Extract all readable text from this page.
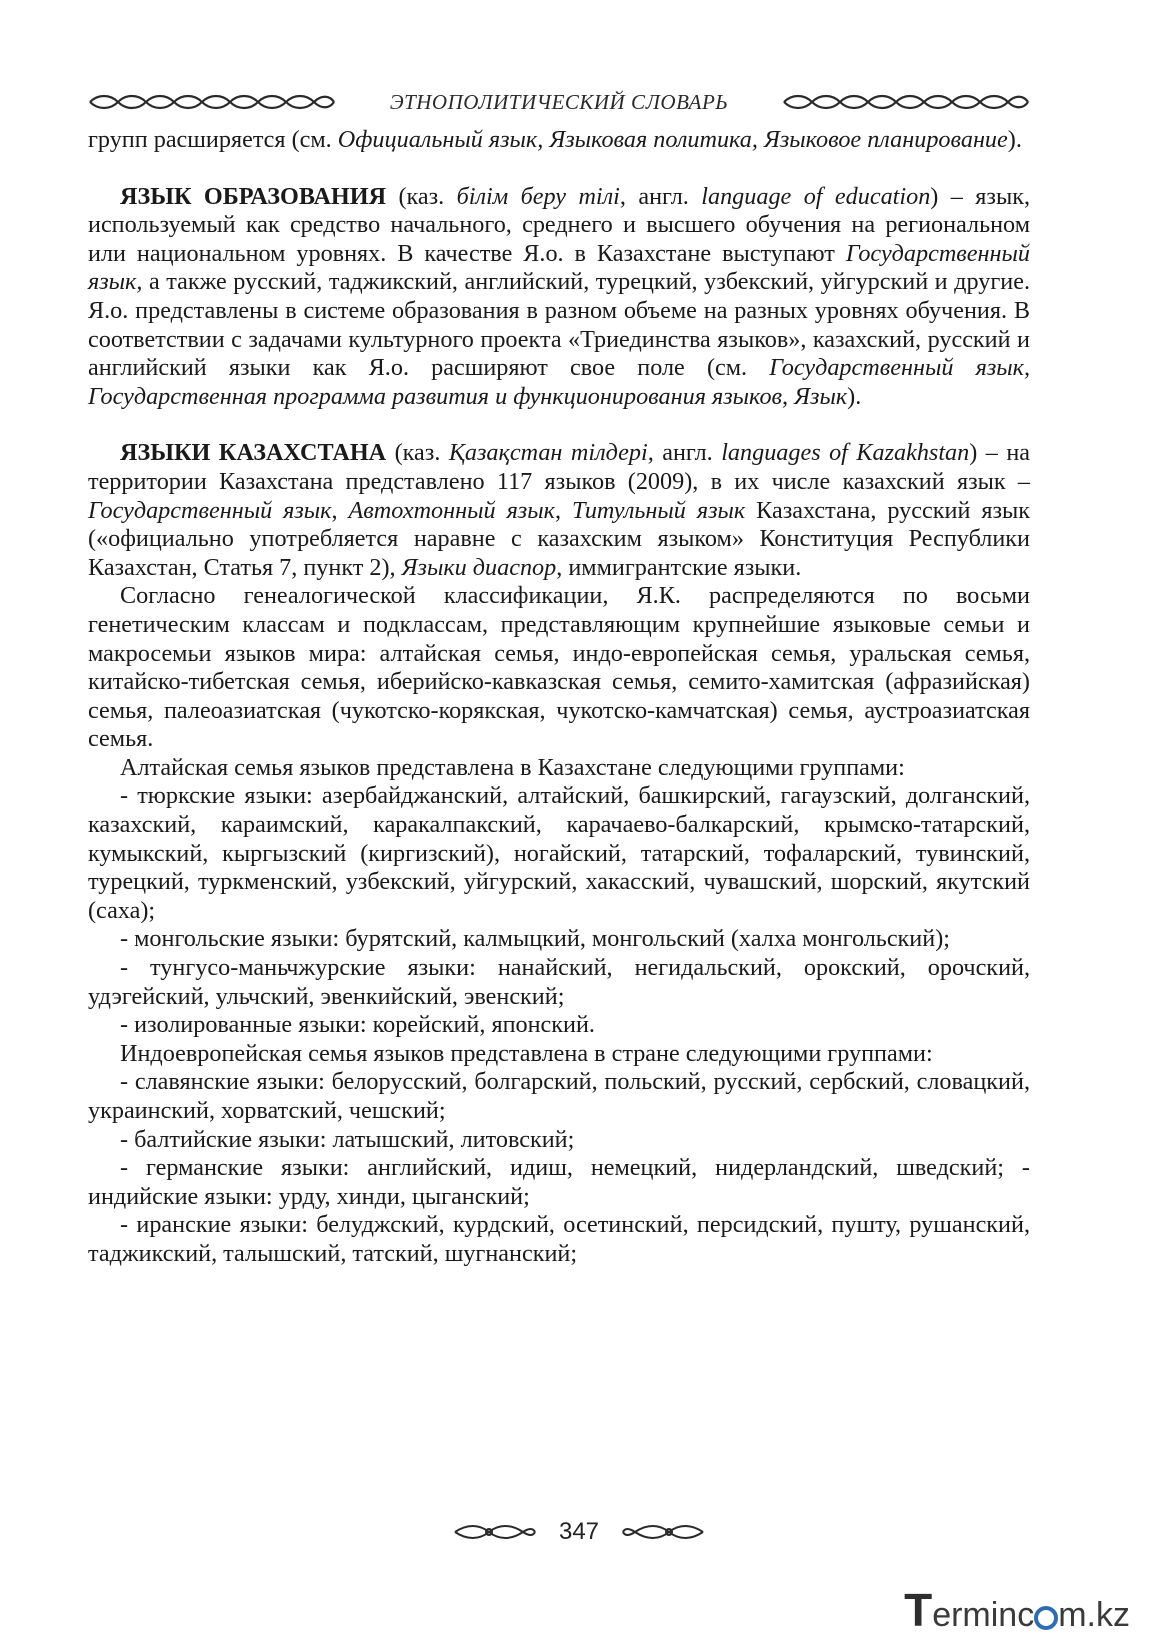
ЭТНОПОЛИТИЧЕСКИЙ СЛОВАРЬ

групп расширяется (см. Официальный язык, Языковая политика, Языковое планирование).

ЯЗЫК ОБРАЗОВАНИЯ (каз. білім беру тілі, англ. language of education) – язык, используемый как средство начального, среднего и высшего обучения на региональном или национальном уровнях. В качестве Я.о. в Казахстане выступают Государственный язык, а также русский, таджикский, английский, турецкий, узбекский, уйгурский и другие. Я.о. представлены в системе образования в разном объеме на разных уровнях обучения. В соответствии с задачами культурного проекта «Триединства языков», казахский, русский и английский языки как Я.о. расширяют свое поле (см. Государственный язык, Государственная программа развития и функционирования языков, Язык).

ЯЗЫКИ КАЗАХСТАНА (каз. Қазақстан тілдері, англ. languages of Kazakhstan) – на территории Казахстана представлено 117 языков (2009), в их числе казахский язык – Государственный язык, Автохтонный язык, Титульный язык Казахстана, русский язык («официально употребляется наравне с казахским языком» Конституция Республики Казахстан, Статья 7, пункт 2), Языки диаспор, иммигрантские языки.

Согласно генеалогической классификации, Я.К. распределяются по восьми генетическим классам и подклассам, представляющим крупнейшие языковые семьи и макросемьи языков мира: алтайская семья, индо-европейская семья, уральская семья, китайско-тибетская семья, иберийско-кавказская семья, семито-хамитская (афразийская) семья, палеоазиатская (чукотско-корякская, чукотско-камчатская) семья, аустроазиатская семья.

Алтайская семья языков представлена в Казахстане следующими группами:

- тюркские языки: азербайджанский, алтайский, башкирский, гагаузский, долганский, казахский, караимский, каракалпакский, карачаево-балкарский, крымско-татарский, кумыкский, кыргызский (киргизский), ногайский, татарский, тофаларский, тувинский, турецкий, туркменский, узбекский, уйгурский, хакасский, чувашский, шорский, якутский (саха);

- монгольские языки: бурятский, калмыцкий, монгольский (халха монгольский);

- тунгусо-маньчжурские языки: нанайский, негидальский, орокский, орочский, удэгейский, ульчский, эвенкийский, эвенский;

- изолированные языки: корейский, японский.

Индоевропейская семья языков представлена в стране следующими группами:

- славянские языки: белорусский, болгарский, польский, русский, сербский, словацкий, украинский, хорватский, чешский;

- балтийские языки: латышский, литовский;

- германские языки: английский, идиш, немецкий, нидерландский, шведский; - индийские языки: урду, хинди, цыганский;

- иранские языки: белуджский, курдский, осетинский, персидский, пушту, рушанский, таджикский, талышский, татский, шугнанский;

347
Terminc m.kz
